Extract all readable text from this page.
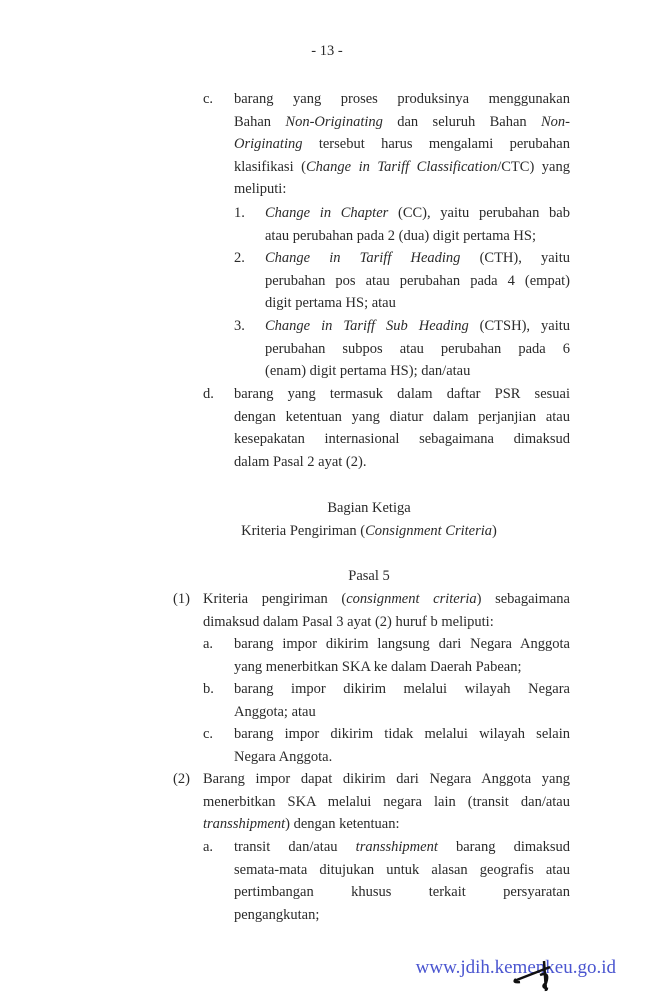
- 13 -
c. barang yang proses produksinya menggunakan
Bahan Non-Originating dan seluruh Bahan Non-
Originating tersebut harus mengalami perubahan
klasifikasi (Change in Tariff Classification/CTC) yang
meliputi:
1. Change in Chapter (CC), yaitu perubahan bab
atau perubahan pada 2 (dua) digit pertama HS;
2. Change in Tariff Heading (CTH), yaitu
perubahan pos atau perubahan pada 4 (empat)
digit pertama HS; atau
3. Change in Tariff Sub Heading (CTSH), yaitu
perubahan subpos atau perubahan pada 6
(enam) digit pertama HS); dan/atau
d. barang yang termasuk dalam daftar PSR sesuai
dengan ketentuan yang diatur dalam perjanjian atau
kesepakatan internasional sebagaimana dimaksud
dalam Pasal 2 ayat (2).
Bagian Ketiga
Kriteria Pengiriman (Consignment Criteria)
Pasal 5
(1) Kriteria pengiriman (consignment criteria) sebagaimana
dimaksud dalam Pasal 3 ayat (2) huruf b meliputi:
a. barang impor dikirim langsung dari Negara Anggota
yang menerbitkan SKA ke dalam Daerah Pabean;
b. barang impor dikirim melalui wilayah Negara
Anggota; atau
c. barang impor dikirim tidak melalui wilayah selain
Negara Anggota.
(2) Barang impor dapat dikirim dari Negara Anggota yang
menerbitkan SKA melalui negara lain (transit dan/atau
transshipment) dengan ketentuan:
a. transit dan/atau transshipment barang dimaksud
semata-mata ditujukan untuk alasan geografis atau
pertimbangan khusus terkait persyaratan
pengangkutan;
www.jdih.kemenkeu.go.id
